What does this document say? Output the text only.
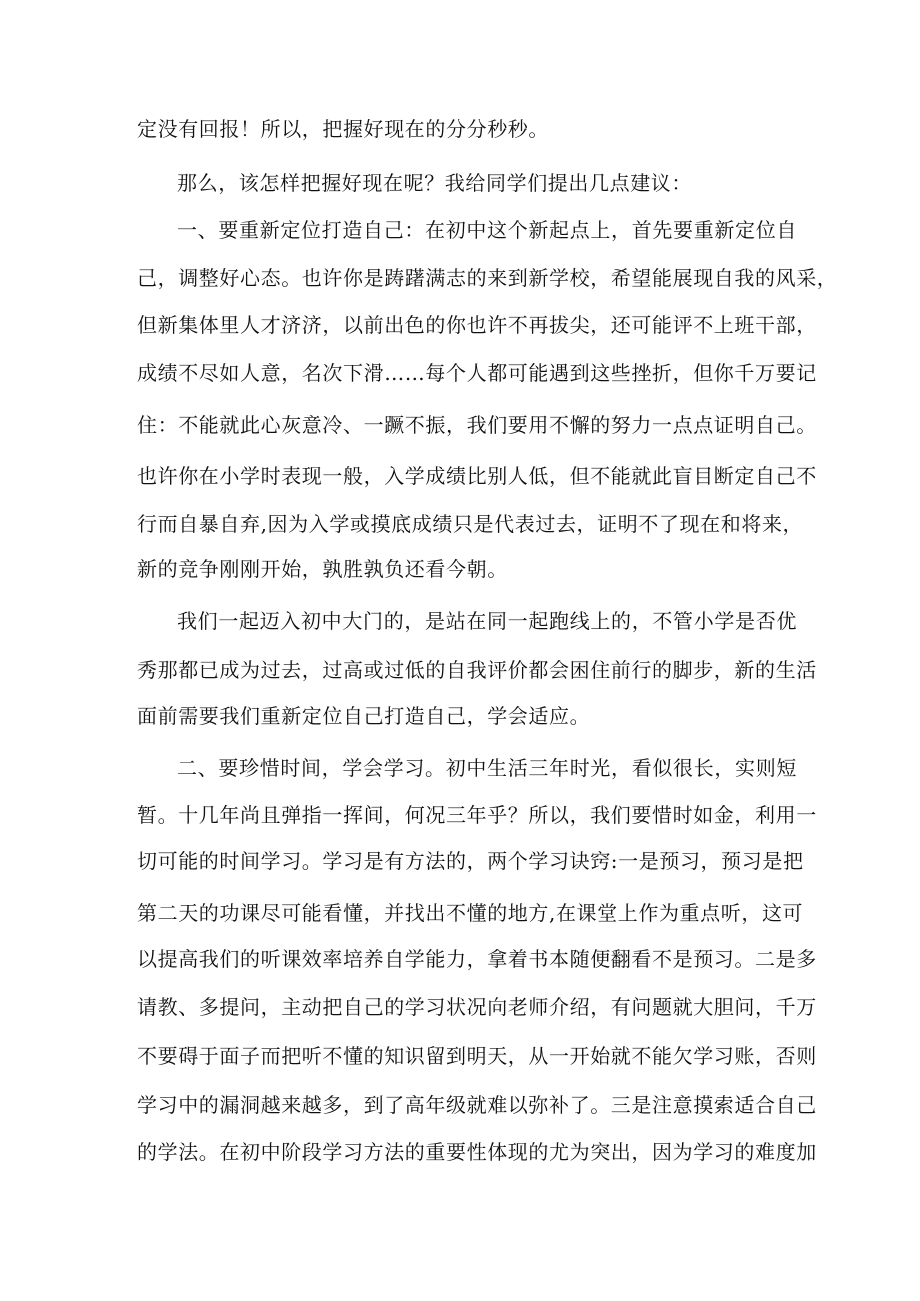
定没有回报！所以，把握好现在的分分秒秒。
那么，该怎样把握好现在呢？我给同学们提出几点建议：
一、要重新定位打造自己：在初中这个新起点上，首先要重新定位自
己，调整好心态。也许你是踌躇满志的来到新学校，希望能展现自我的风采，
但新集体里人才济济，以前出色的你也许不再拔尖，还可能评不上班干部，
成绩不尽如人意，名次下滑……每个人都可能遇到这些挫折，但你千万要记
住：不能就此心灰意冷、一蹶不振，我们要用不懈的努力一点点证明自己。
也许你在小学时表现一般，入学成绩比别人低，但不能就此盲目断定自己不
行而自暴自弃,因为入学或摸底成绩只是代表过去，证明不了现在和将来，
新的竞争刚刚开始，孰胜孰负还看今朝。
我们一起迈入初中大门的，是站在同一起跑线上的，不管小学是否优
秀那都已成为过去，过高或过低的自我评价都会困住前行的脚步，新的生活
面前需要我们重新定位自己打造自己，学会适应。
二、要珍惜时间，学会学习。初中生活三年时光，看似很长，实则短
暂。十几年尚且弹指一挥间，何况三年乎？所以，我们要惜时如金，利用一
切可能的时间学习。学习是有方法的，两个学习诀窍:一是预习，预习是把
第二天的功课尽可能看懂，并找出不懂的地方,在课堂上作为重点听，这可
以提高我们的听课效率培养自学能力，拿着书本随便翻看不是预习。二是多
请教、多提问，主动把自己的学习状况向老师介绍，有问题就大胆问，千万
不要碍于面子而把听不懂的知识留到明天，从一开始就不能欠学习账，否则
学习中的漏洞越来越多，到了高年级就难以弥补了。三是注意摸索适合自己
的学法。在初中阶段学习方法的重要性体现的尤为突出，因为学习的难度加
